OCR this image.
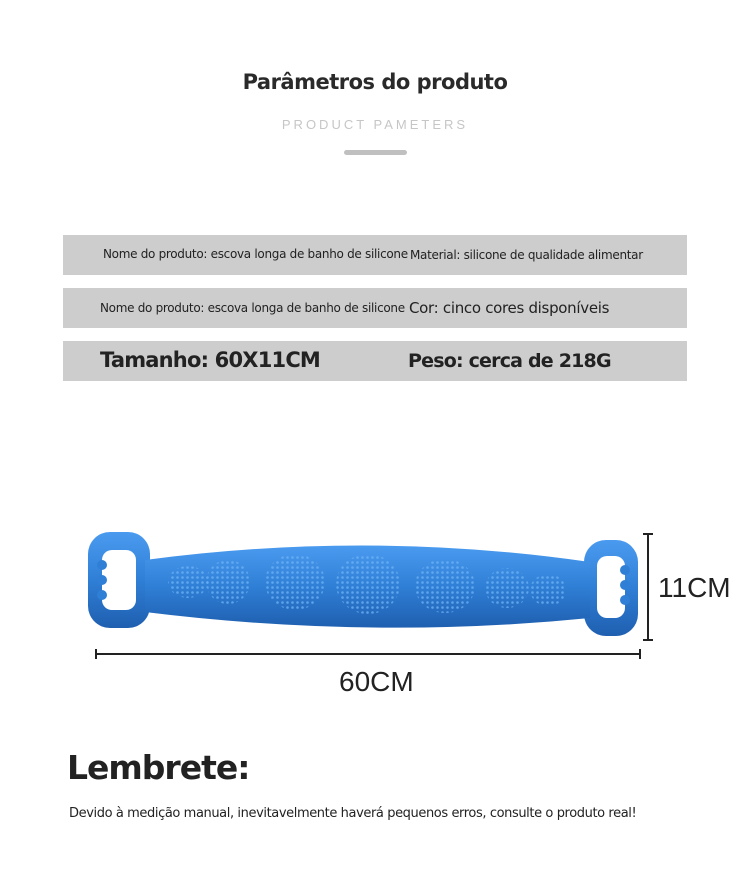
Parâmetros do produto
PRODUCT PAMETERS
Nome do produto: escova longa de banho de silicone Material: silicone de qualidade alimentar
Nome do produto: escova longa de banho de silicone Cor: cinco cores disponíveis
Tamanho: 60X11CM	Peso: cerca de 218G
60CM
11CM
Lembrete:
Devido à medição manual, inevitavelmente haverá pequenos erros, consulte o produto real!
